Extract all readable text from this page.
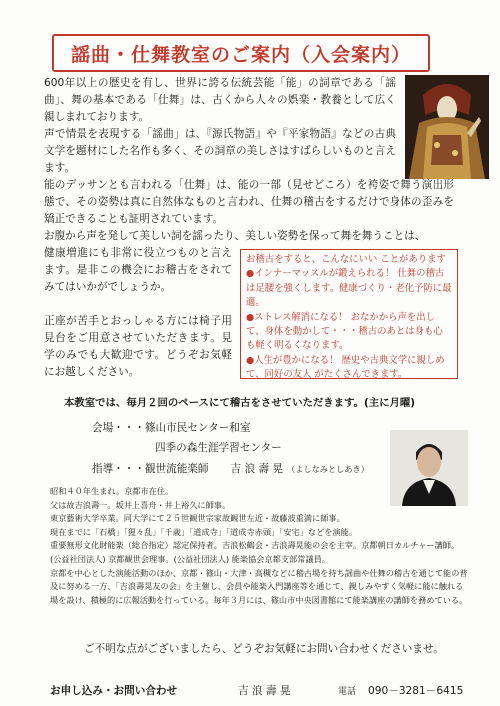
謡曲・仕舞教室のご案内（入会案内）

600年以上の歴史を有し、世界に誇る伝統芸能「能」の詞章である「謡曲」、舞の基本である「仕舞」は、古くから人々の娯楽・教養として広く親しまれております。

声で情景を表現する「謡曲」は、『源氏物語』や『平家物語』などの古典文学を題材にした名作も多く、その詞章の美しさはすばらしいものと言えます。

能のデッサンとも言われる「仕舞」は、能の一部（見せどころ）を袴姿で舞う演出形態で、その姿勢は真に自然体なものと言われ、仕舞の稽古をするだけで身体の歪みを矯正できることも証明されています。

お腹から声を発して美しい詞を謡ったり、美しい姿勢を保って舞を舞うことは、

健康増進にも非常に役立つものと言えます。是非この機会にお稽古をされてみてはいかがでしょうか。

正座が苦手とおっしゃる方には椅子用見台をご用意させていただきます。見学のみでも大歓迎です。どうぞお気軽にお越しください。

お稽古をすると、こんなにいい ことがあります

●インナーマッスルが鍛えられる！ 仕舞の稽古は足腰を強くします。健康づくり・老化予防に最適。

●ストレス解消になる！ おなかから声を出して、身体を動かして・・・稽古のあとは身も心も軽く明るくなります。

●人生が豊かになる！ 歴史や古典文学に親しめて、同好の友人 がたくさんできます。

本教室では、毎月２回のペースにて稽古をさせていただきます。(主に月曜)
会場・・・篠山市民センター和室
四季の森生涯学習センター
指導・・・観世流能楽師 吉 浪 壽 晃 （よしなみとしあき）

昭和４０年生まれ。京都市在住。

父は故吉浪壽一。坂井上喜舟・井上裕久に師事。

東京藝術大学卒業。同大学にて２５世観世宗家故観世左近・故藤波重満に師事。

現在までに「石橋」「猩々乱」「千歳」「道成寺」「道成寺赤頭」「安宅」などを演能。

重要無形文化財能楽（総合指定）認定保持者。吉浪松鶴会・吉浪壽晃能の会を主宰。京都朝日カルチャー講師。(公益社団法人) 京都観世会理事。(公益社団法人) 能楽協会京都支部常議員。

京都を中心とした演能活動のほか、京都・篠山・大津・高槻などに稽古場を持ち謡曲や仕舞の稽古を通じて能の普及に努める一方、「吉浪壽晃友の会」を主催し、会員や能楽入門講座等を通じて、親しみやすく気軽に能に触れる場を設け、積極的に広報活動を行っている。毎年３月には、篠山市中央図書館にて能楽講座の講師を務めている。

ご不明な点がございましたら、どうぞお気軽にお問い合わせくださいませ。
お申し込み・お問い合わせ	吉 浪 壽 晃	電話 090－3281－6415
